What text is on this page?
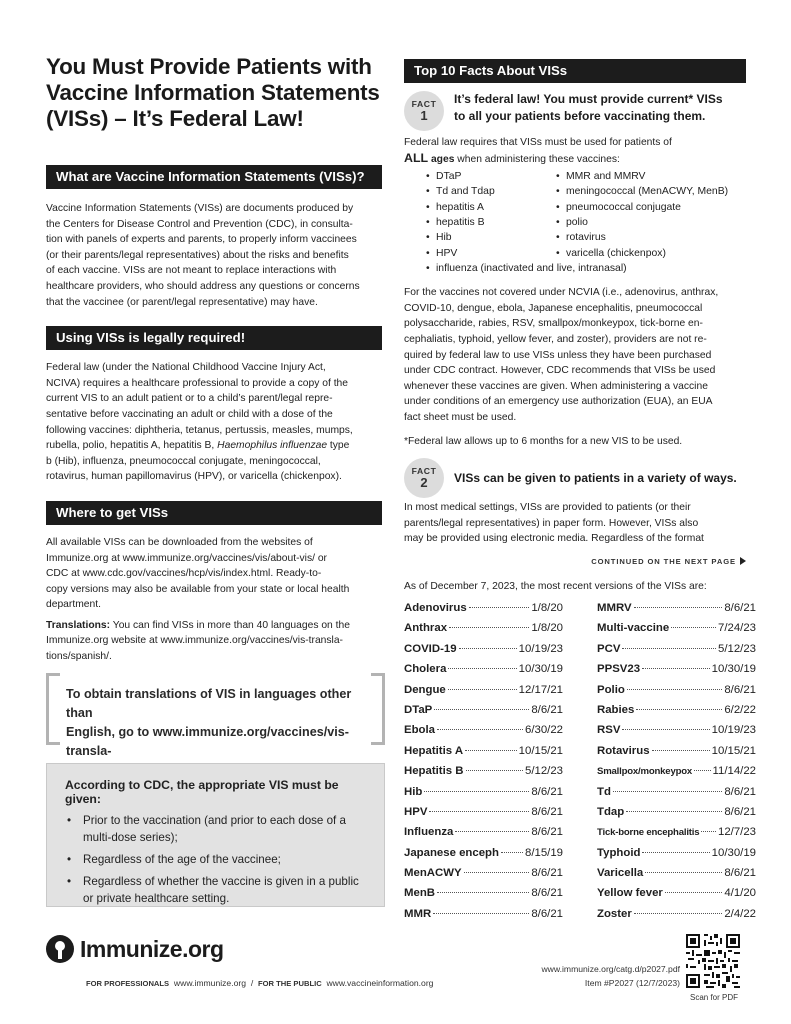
You Must Provide Patients with
Vaccine Information Statements
(VISs) – It’s Federal Law!
What are Vaccine Information Statements (VISs)?
Vaccine Information Statements (VISs) are documents produced by
the Centers for Disease Control and Prevention (CDC), in consulta-
tion with panels of experts and parents, to properly inform vaccinees
(or their parents/legal representatives) about the risks and benefits
of each vaccine. VISs are not meant to replace interactions with
healthcare providers, who should address any questions or concerns
that the vaccinee (or parent/legal representative) may have.
Using VISs is legally required!
Federal law (under the National Childhood Vaccine Injury Act,
NCIVA) requires a healthcare professional to provide a copy of the
current VIS to an adult patient or to a child’s parent/legal repre-
sentative before vaccinating an adult or child with a dose of the
following vaccines: diphtheria, tetanus, pertussis, measles, mumps,
rubella, polio, hepatitis A, hepatitis B, Haemophilus influenzae type
b (Hib), influenza, pneumococcal conjugate, meningococcal,
rotavirus, human papillomavirus (HPV), or varicella (chickenpox).
Where to get VISs
All available VISs can be downloaded from the websites of
Immunize.org at www.immunize.org/vaccines/vis/about-vis/ or
CDC at www.cdc.gov/vaccines/hcp/vis/index.html. Ready-to-
copy versions may also be available from your state or local health
department.
Translations: You can find VISs in more than 40 languages on the
Immunize.org website at www.immunize.org/vaccines/vis-transla-
tions/spanish/.
To obtain translations of VIS in languages other than
English, go to www.immunize.org/vaccines/vis-transla-
According to CDC, the appropriate VIS must be given:
• Prior to the vaccination (and prior to each dose of a
multi-dose series);
• Regardless of the age of the vaccinee;
• Regardless of whether the vaccine is given in a public
or private healthcare setting.
Top 10 Facts About VISs
FACT
1
It’s federal law! You must provide current* VISs
to all your patients before vaccinating them.
Federal law requires that VISs must be used for patients of
ALL ages when administering these vaccines:
• DTaP	• MMR and MMRV
• Td and Tdap	• meningococcal (MenACWY, MenB)
• hepatitis A	• pneumococcal conjugate
• hepatitis B	• polio
• Hib	• rotavirus
• HPV	• varicella (chickenpox)
• influenza (inactivated and live, intranasal)
For the vaccines not covered under NCVIA (i.e., adenovirus, anthrax,
COVID-10, dengue, ebola, Japanese encephalitis, pneumococcal
polysaccharide, rabies, RSV, smallpox/monkeypox, tick-borne en-
cephaliatis, typhoid, yellow fever, and zoster), providers are not re-
quired by federal law to use VISs unless they have been purchased
under CDC contract. However, CDC recommends that VISs be used
whenever these vaccines are given. When administering a vaccine
under conditions of an emergency use authorization (EUA), an EUA
fact sheet must be used.
*Federal law allows up to 6 months for a new VIS to be used.
FACT
2 VISs can be given to patients in a variety of ways.
In most medical settings, VISs are provided to patients (or their
parents/legal representatives) in paper form. However, VISs also
may be provided using electronic media. Regardless of the format
CONTINUED ON THE NEXT PAGE
As of December 7, 2023, the most recent versions of the VISs are:
Adenovirus	1/8/20
Anthrax	1/8/20
COVID-19	10/19/23
Cholera	10/30/19
Dengue	12/17/21
DTaP	8/6/21
Ebola	6/30/22
Hepatitis A	10/15/21
Hepatitis B	5/12/23
Hib	8/6/21
HPV	8/6/21
Influenza	8/6/21
Japanese enceph 8/15/19
MenACWY	8/6/21
MenB	8/6/21
MMR	8/6/21
MMRV	8/6/21
Multi-vaccine	7/24/23
PCV	5/12/23
PPSV23	10/30/19
Polio	8/6/21
Rabies	6/2/22
RSV	10/19/23
Rotavirus	10/15/21
Smallpox/monkeypox 11/14/22
Td	8/6/21
Tdap	8/6/21
Tick-borne encephalitis 12/7/23
Typhoid	10/30/19
Varicella	8/6/21
Yellow fever	4/1/20
Zoster	2/4/22
Immunize.org
FOR PROFESSIONALS www.immunize.org / FOR THE PUBLIC www.vaccineinformation.org
www.immunize.org/catg.d/p2027.pdf
Item #P2027 (12/7/2023)
Scan for PDF
